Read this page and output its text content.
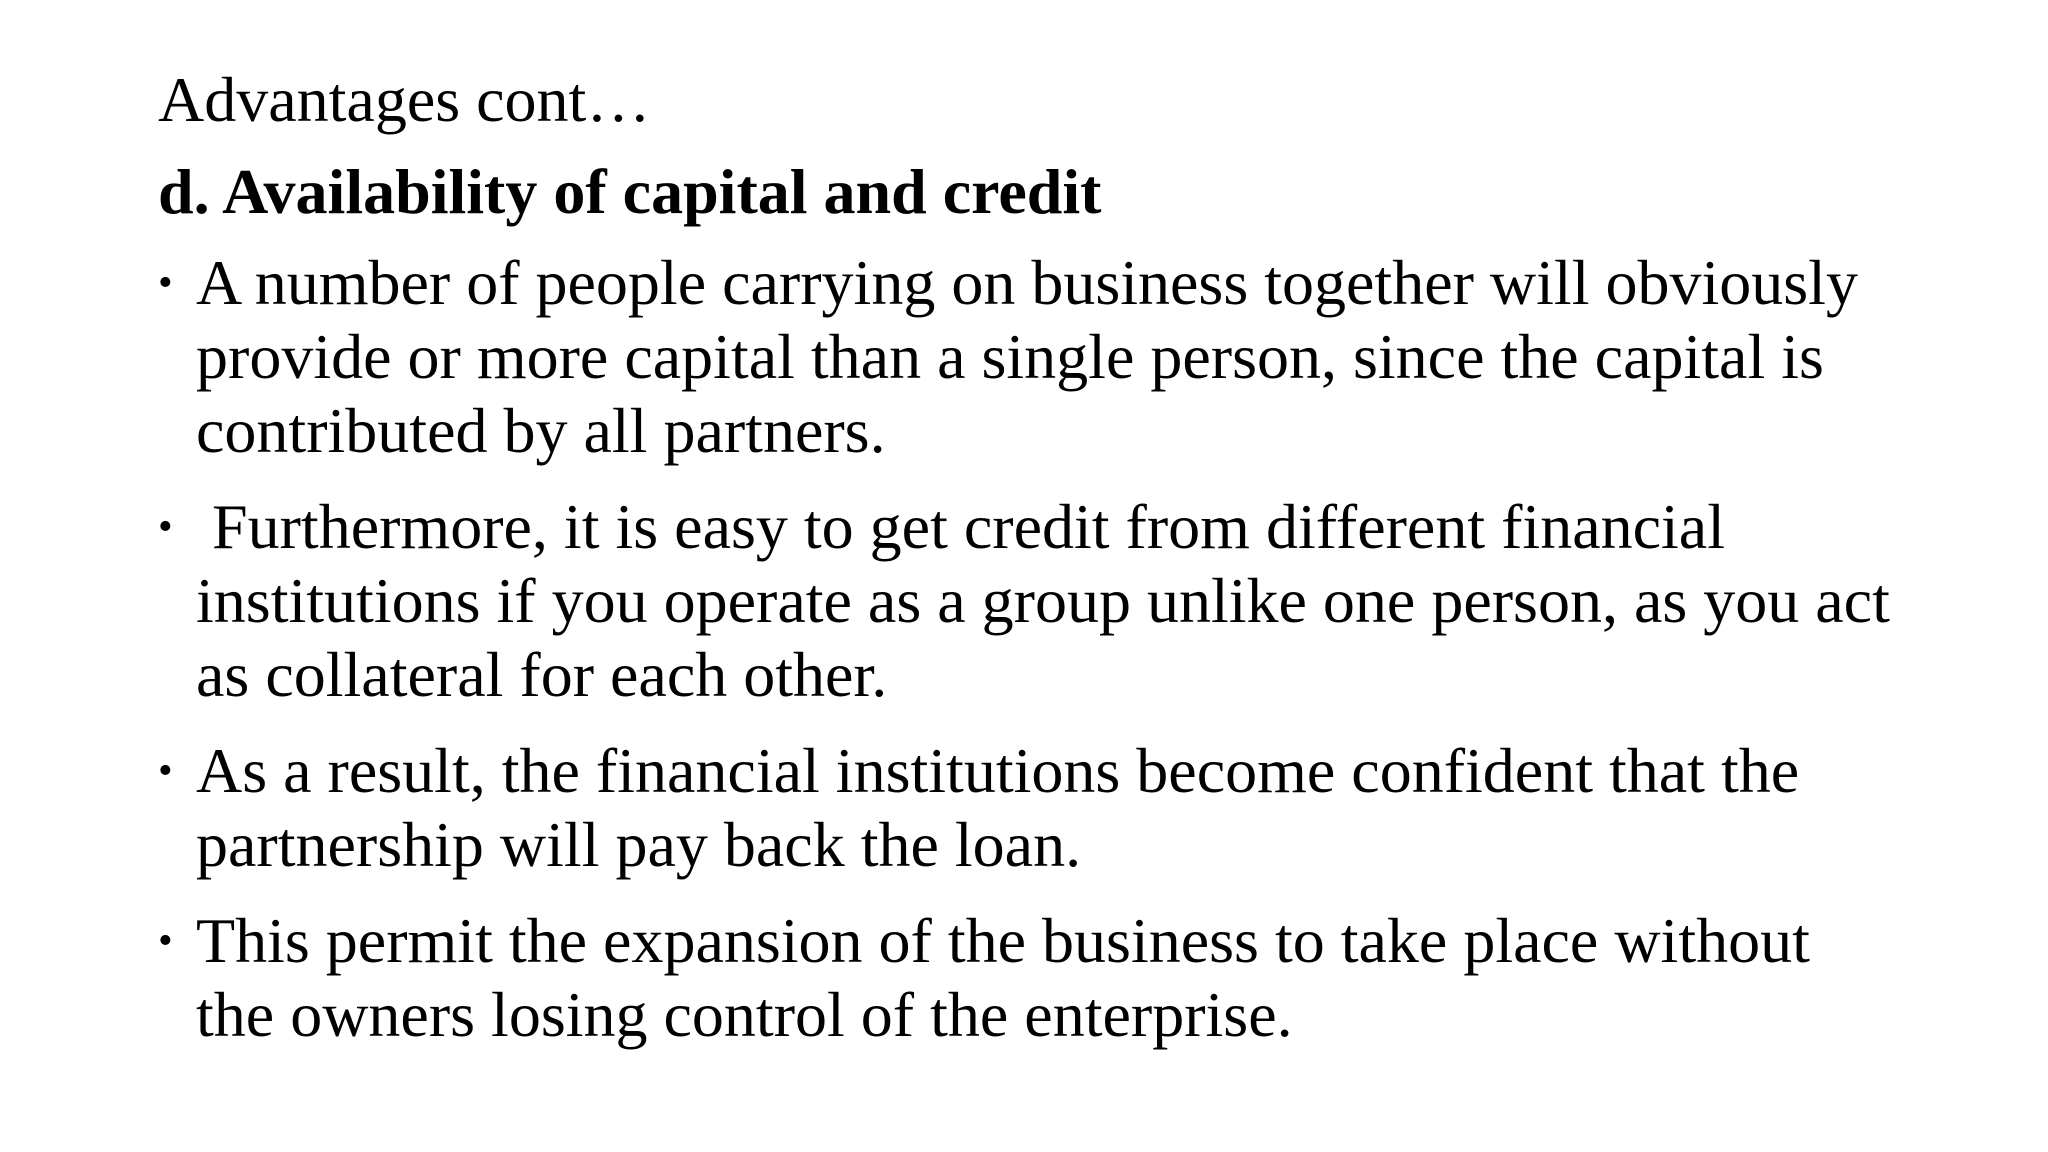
Advantages cont…
d. Availability of capital and credit
• A number of people carrying on business together will obviously provide or more capital than a single person, since the capital is contributed by all partners.
• Furthermore, it is easy to get credit from different financial institutions if you operate as a group unlike one person, as you act as collateral for each other.
• As a result, the financial institutions become confident that the partnership will pay back the loan.
• This permit the expansion of the business to take place without the owners losing control of the enterprise.
